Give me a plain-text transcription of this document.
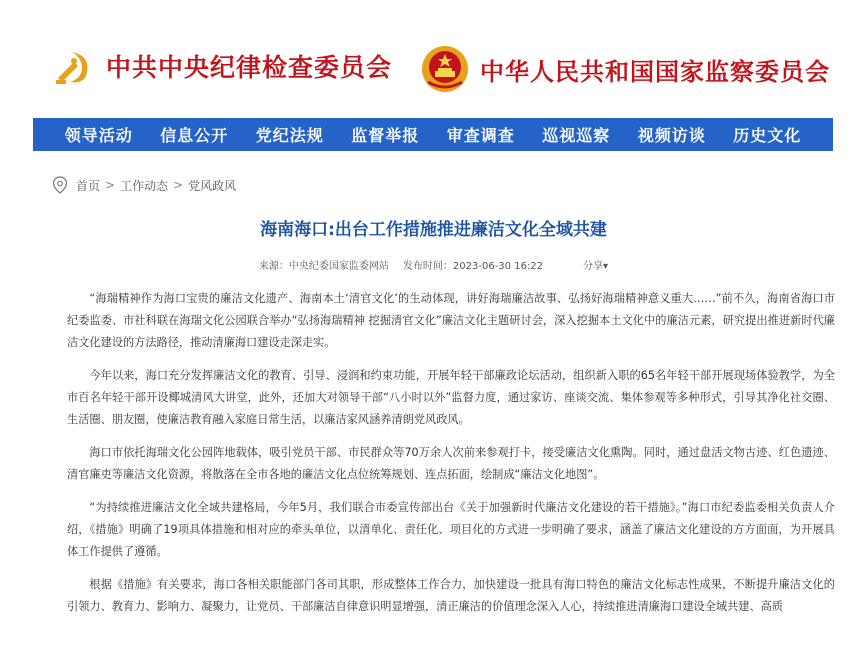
中共中央纪律检查委员会	中华人民共和国国家监察委员会
领导活动 信息公开 党纪法规 监督举报 审查调查 巡视巡察 视频访谈 历史文化
首页 > 工作动态 > 党风政风
海南海口:出台工作措施推进廉洁文化全域共建
来源：中央纪委国家监委网站 发布时间：2023-06-30 16:22	分享▾

“海瑞精神作为海口宝贵的廉洁文化遗产、海南本土‘清官文化’的生动体现，讲好海瑞廉洁故事、弘扬好海瑞精神意义重大……”前不久，海南省海口市纪委监委、市社科联在海瑞文化公园联合举办“弘扬海瑞精神 挖掘清官文化”廉洁文化主题研讨会，深入挖掘本土文化中的廉洁元素，研究提出推进新时代廉洁文化建设的方法路径，推动清廉海口建设走深走实。

今年以来，海口充分发挥廉洁文化的教育、引导、浸润和约束功能，开展年轻干部廉政论坛活动，组织新入职的65名年轻干部开展现场体验教学，为全市百名年轻干部开设椰城清风大讲堂，此外，还加大对领导干部“八小时以外”监督力度，通过家访、座谈交流、集体参观等多种形式，引导其净化社交圈、生活圈、朋友圈，使廉洁教育融入家庭日常生活，以廉洁家风涵养清朗党风政风。

海口市依托海瑞文化公园阵地载体，吸引党员干部、市民群众等70万余人次前来参观打卡，接受廉洁文化熏陶。同时，通过盘活文物古迹、红色遗迹、清官廉吏等廉洁文化资源，将散落在全市各地的廉洁文化点位统筹规划、连点拓面，绘制成“廉洁文化地图”。

“为持续推进廉洁文化全域共建格局，今年5月，我们联合市委宣传部出台《关于加强新时代廉洁文化建设的若干措施》。”海口市纪委监委相关负责人介绍，《措施》明确了19项具体措施和相对应的牵头单位，以清单化、责任化、项目化的方式进一步明确了要求，涵盖了廉洁文化建设的方方面面，为开展具体工作提供了遵循。

根据《措施》有关要求，海口各相关职能部门各司其职，形成整体工作合力，加快建设一批具有海口特色的廉洁文化标志性成果，不断提升廉洁文化的引领力、教育力、影响力、凝聚力，让党员、干部廉洁自律意识明显增强，清正廉洁的价值理念深入人心，持续推进清廉海口建设全域共建、高质
